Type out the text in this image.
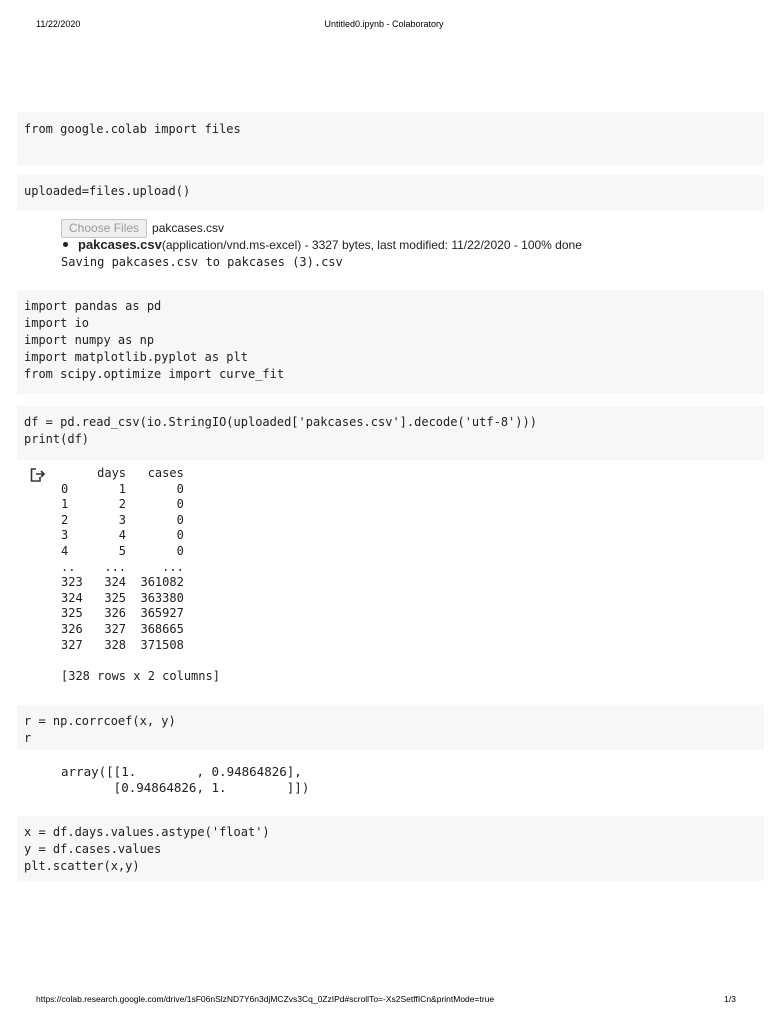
11/22/2020	Untitled0.ipynb - Colaboratory
from google.colab import files
uploaded=files.upload()
Choose Files	pakcases.csv
pakcases.csv (application/vnd.ms-excel) - 3327 bytes, last modified: 11/22/2020 - 100% done
Saving pakcases.csv to pakcases (3).csv
import pandas as pd
import io
import numpy as np
import matplotlib.pyplot as plt
from scipy.optimize import curve_fit
df = pd.read_csv(io.StringIO(uploaded['pakcases.csv'].decode('utf-8')))
print(df)
days   cases
0       1       0
1       2       0
2       3       0
3       4       0
4       5       0
..    ...     ...
323   324  361082
324   325  363380
325   326  365927
326   327  368665
327   328  371508

[328 rows x 2 columns]
r = np.corrcoef(x, y)
r
array([[1.        , 0.94864826],
[0.94864826, 1.        ]])
x = df.days.values.astype('float')
y = df.cases.values
plt.scatter(x,y)
https://colab.research.google.com/drive/1sF06nSlzND7Y6n3djMCZvs3Cq_0ZzIPd#scrollTo=-Xs2SetffICn&printMode=true	1/3
